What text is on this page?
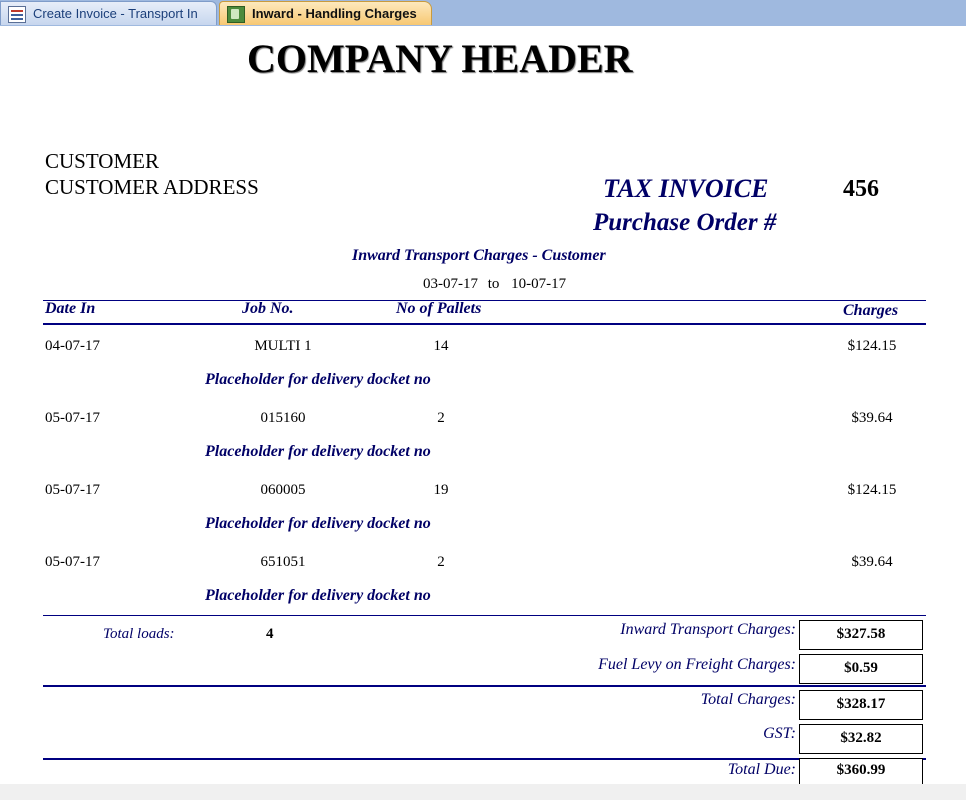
Create Invoice - Transport In	Inward - Handling Charges
COMPANY HEADER
CUSTOMER
CUSTOMER ADDRESS	TAX INVOICE	456
Purchase Order #
Inward Transport Charges - Customer
03-07-17 to 10-07-17
Date In	Job No.	No of Pallets	Charges
04-07-17	MULTI 1	14	$124.15
Placeholder for delivery docket no
05-07-17	015160	2	$39.64
Placeholder for delivery docket no
05-07-17	060005	19	$124.15
Placeholder for delivery docket no
05-07-17	651051	2	$39.64
Placeholder for delivery docket no
Total loads:	4	Inward Transport Charges:	$327.58
Fuel Levy on Freight Charges:	$0.59
Total Charges:	$328.17
GST:	$32.82
Total Due:	$360.99
